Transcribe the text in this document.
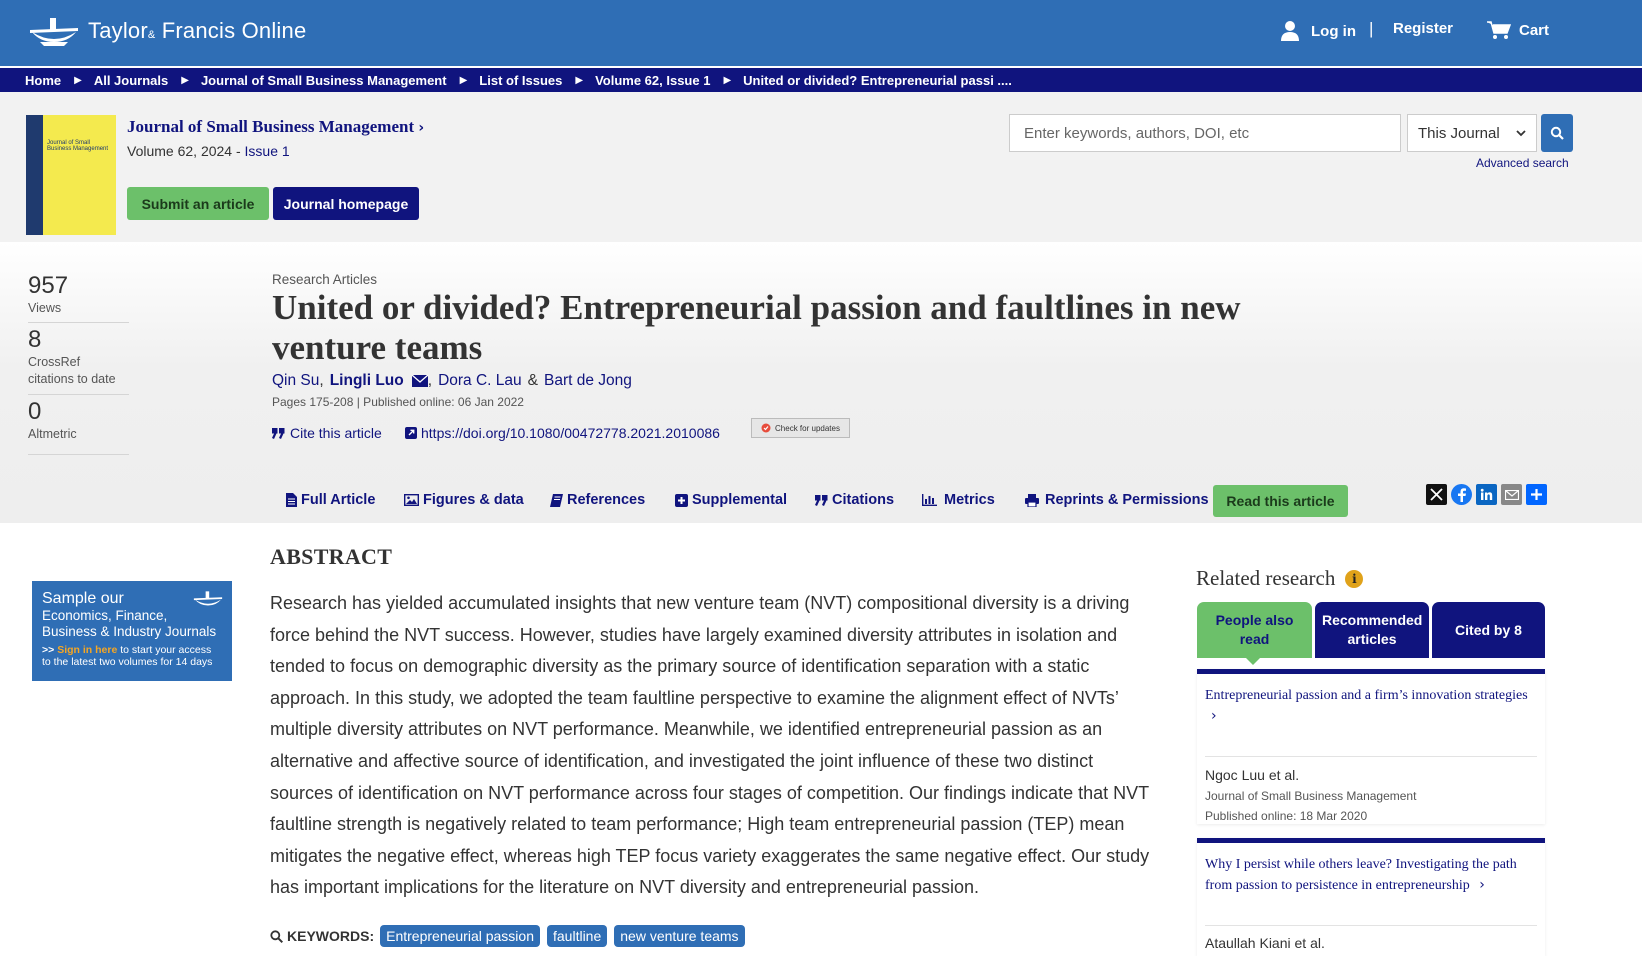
Taylor& Francis Online	Log in | Register	Cart
Home ▶ All Journals ▶ Journal of Small Business Management ▶ List of Issues ▶ Volume 62, Issue 1 ▶ United or divided? Entrepreneurial passi ....
Journal of Small Business Management
Journal of Small Business Management ›
Volume 62, 2024 - Issue 1
Submit an article	Journal homepage
Enter keywords, authors, DOI, etc	This Journal
Advanced search
957
Views
8
CrossRef citations to date
0
Altmetric
Research Articles
United or divided? Entrepreneurial passion and faultlines in new venture teams
Qin Su , Lingli Luo , Dora C. Lau & Bart de Jong
Pages 175-208 | Published online: 06 Jan 2022
Cite this article	https://doi.org/10.1080/00472778.2021.2010086	Check for updates
Full Article	Figures & data	References	Supplemental	Citations	Metrics	Reprints & Permissions	Read this article
ABSTRACT

Research has yielded accumulated insights that new venture team (NVT) compositional diversity is a driving force behind the NVT success. However, studies have largely examined diversity attributes in isolation and tended to focus on demographic diversity as the primary source of identification separation with a static approach. In this study, we adopted the team faultline perspective to examine the alignment effect of NVTs’ multiple diversity attributes on NVT performance. Meanwhile, we identified entrepreneurial passion as an alternative and affective source of identification, and investigated the joint influence of these two distinct sources of identification on NVT performance across four stages of competition. Our findings indicate that NVT faultline strength is negatively related to team performance; High team entrepreneurial passion (TEP) mean mitigates the negative effect, whereas high TEP focus variety exaggerates the same negative effect. Our study has important implications for the literature on NVT diversity and entrepreneurial passion.

KEYWORDS: Entrepreneurial passion	faultline	new venture teams
Sample our
Economics, Finance,
Business & Industry Journals
>> Sign in here to start your access
to the latest two volumes for 14 days
Related research	i
People also read
Recommended articles
Cited by 8
Entrepreneurial passion and a firm’s innovation strategies ›
Ngoc Luu et al.
Journal of Small Business Management
Published online: 18 Mar 2020
Why I persist while others leave? Investigating the path from passion to persistence in entrepreneurship ›
Ataullah Kiani et al.
